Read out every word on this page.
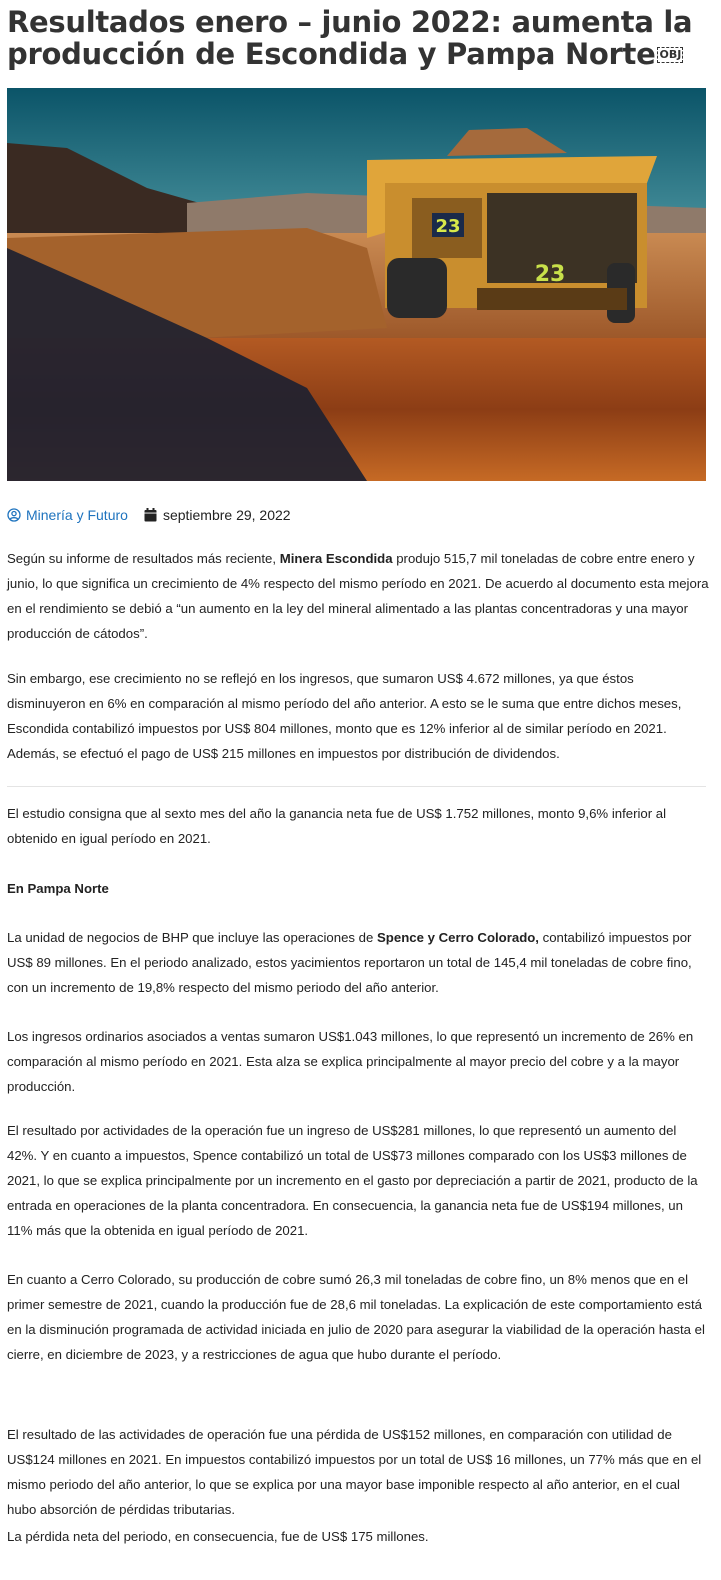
Resultados enero – junio 2022: aumenta la producción de Escondida y Pampa Norte OBJ
23
23
Minería y Futuro	septiembre 29, 2022

Según su informe de resultados más reciente, Minera Escondida produjo 515,7 mil toneladas de cobre entre enero y junio, lo que significa un crecimiento de 4% respecto del mismo período en 2021. De acuerdo al documento esta mejora en el rendimiento se debió a “un aumento en la ley del mineral alimentado a las plantas concentradoras y una mayor producción de cátodos”.

Sin embargo, ese crecimiento no se reflejó en los ingresos, que sumaron US$ 4.672 millones, ya que éstos disminuyeron en 6% en comparación al mismo período del año anterior. A esto se le suma que entre dichos meses, Escondida contabilizó impuestos por US$ 804 millones, monto que es 12% inferior al de similar período en 2021. Además, se efectuó el pago de US$ 215 millones en impuestos por distribución de dividendos.

El estudio consigna que al sexto mes del año la ganancia neta fue de US$ 1.752 millones, monto 9,6% inferior al obtenido en igual período en 2021.

En Pampa Norte

La unidad de negocios de BHP que incluye las operaciones de Spence y Cerro Colorado, contabilizó impuestos por US$ 89 millones. En el periodo analizado, estos yacimientos reportaron un total de 145,4 mil toneladas de cobre fino, con un incremento de 19,8% respecto del mismo periodo del año anterior.

Los ingresos ordinarios asociados a ventas sumaron US$1.043 millones, lo que representó un incremento de 26% en comparación al mismo período en 2021. Esta alza se explica principalmente al mayor precio del cobre y a la mayor producción.

El resultado por actividades de la operación fue un ingreso de US$281 millones, lo que representó un aumento del 42%. Y en cuanto a impuestos, Spence contabilizó un total de US$73 millones comparado con los US$3 millones de 2021, lo que se explica principalmente por un incremento en el gasto por depreciación a partir de 2021, producto de la entrada en operaciones de la planta concentradora. En consecuencia, la ganancia neta fue de US$194 millones, un 11% más que la obtenida en igual período de 2021.

En cuanto a Cerro Colorado, su producción de cobre sumó 26,3 mil toneladas de cobre fino, un 8% menos que en el primer semestre de 2021, cuando la producción fue de 28,6 mil toneladas. La explicación de este comportamiento está en la disminución programada de actividad iniciada en julio de 2020 para asegurar la viabilidad de la operación hasta el cierre, en diciembre de 2023, y a restricciones de agua que hubo durante el período.

El resultado de las actividades de operación fue una pérdida de US$152 millones, en comparación con utilidad de US$124 millones en 2021. En impuestos contabilizó impuestos por un total de US$ 16 millones, un 77% más que en el mismo periodo del año anterior, lo que se explica por una mayor base imponible respecto al año anterior, en el cual hubo absorción de pérdidas tributarias.

La pérdida neta del periodo, en consecuencia, fue de US$ 175 millones.
